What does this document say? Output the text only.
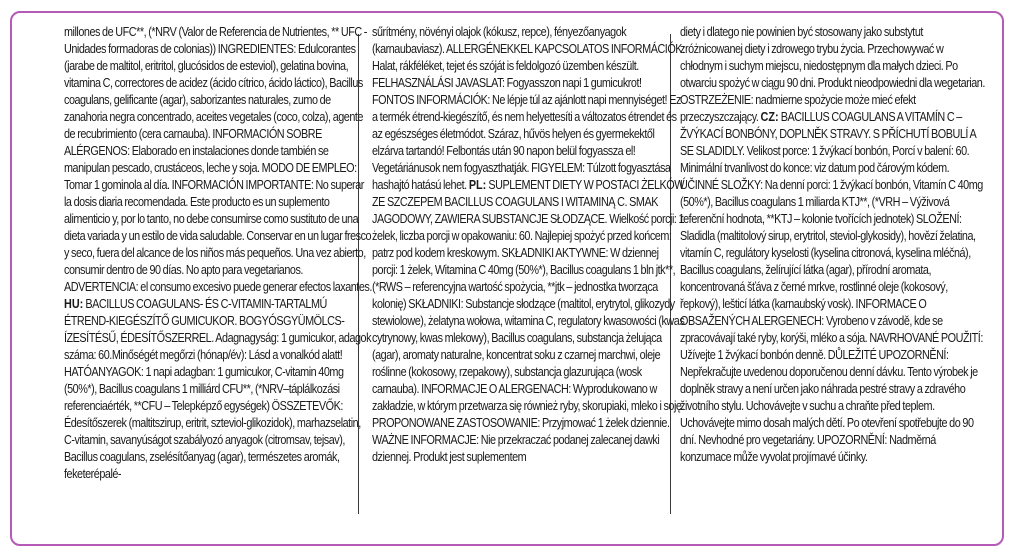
millones de UFC**, (*NRV (Valor de Referencia de Nutrientes, ** UFC -Unidades formadoras de colonias)) INGREDIENTES: Edulcorantes (jarabe de maltitol, eritritol, glucósidos de esteviol), gelatina bovina, vitamina C, correctores de acidez (ácido cítrico, ácido láctico), Bacillus coagulans, gelificante (agar), saborizantes naturales, zumo de zanahoria negra concentrado, aceites vegetales (coco, colza), agente de recubrimiento (cera carnauba). INFORMACIÓN SOBRE ALÉRGENOS: Elaborado en instalaciones donde también se manipulan pescado, crustáceos, leche y soja. MODO DE EMPLEO: Tomar 1 gominola al día. INFORMACIÓN IMPORTANTE: No superar la dosis diaria recomendada. Este producto es un suplemento alimenticio y, por lo tanto, no debe consumirse como sustituto de una dieta variada y un estilo de vida saludable. Conservar en un lugar fresco y seco, fuera del alcance de los niños más pequeños. Una vez abierto, consumir dentro de 90 días. No apto para vegetarianos. ADVERTENCIA: el consumo excesivo puede generar efectos laxantes. HU: BACILLUS COAGULANS- ÉS C-VITAMIN-TARTALMÚ ÉTREND-KIEGÉSZÍTŐ GUMICUKOR. BOGYÓSGYÜMÖLCS-ÍZESÍTÉSŰ, ÉDESÍTŐSZERREL. Adagnagyság: 1 gumicukor, adagok száma: 60.Minőségét megőrzi (hónap/év): Lásd a vonalkód alatt! HATÓANYAGOK: 1 napi adagban: 1 gumicukor, C-vitamin 40mg (50%*), Bacillus coagulans 1 milliárd CFU**, (*NRV–táplálkozási referenciaérték, **CFU – Telepképző egységek) ÖSSZETEVŐK: Édesítőszerek (maltitszirup, eritrit, szteviol-glikozidok), marhazselatin, C-vitamin, savanyúságot szabályozó anyagok (citromsav, tejsav), Bacillus coagulans, zselésítőanyag (agar), természetes aromák, feketerépalé-

sűrítmény, növényi olajok (kókusz, repce), fényezőanyagok (karnaubaviasz). ALLERGÉNEKKEL KAPCSOLATOS INFORMÁCIÓK: Halat, rákféléket, tejet és szóját is feldolgozó üzemben készült. FELHASZNÁLÁSI JAVASLAT: Fogyasszon napi 1 gumicukrot! FONTOS INFORMÁCIÓK: Ne lépje túl az ajánlott napi mennyiséget! Ez a termék étrend-kiegészítő, és nem helyettesíti a változatos étrendet és az egészséges életmódot. Száraz, hűvös helyen és gyermekektől elzárva tartandó! Felbontás után 90 napon belül fogyassza el! Vegetáriánusok nem fogyaszthatják. FIGYELEM: Túlzott fogyasztása hashajtó hatású lehet. PL: SUPLEMENT DIETY W POSTACI ŻELKÓW ZE SZCZEPEM BACILLUS COAGULANS I WITAMINĄ C. SMAK JAGODOWY, ZAWIERA SUBSTANCJE SŁODZĄCE. Wielkość porcji: 1 żelek, liczba porcji w opakowaniu: 60. Najlepiej spożyć przed końcem: patrz pod kodem kreskowym. SKŁADNIKI AKTYWNE: W dziennej porcji: 1 żelek, Witamina C 40mg (50%*), Bacillus coagulans 1 bln jtk**, (*RWS – referencyjna wartość spożycia, **jtk – jednostka tworząca kolonię) SKŁADNIKI: Substancje słodzące (maltitol, erytrytol, glikozydy stewiolowe), żelatyna wołowa, witamina C, regulatory kwasowości (kwas cytrynowy, kwas mlekowy), Bacillus coagulans, substancja żelująca (agar), aromaty naturalne, koncentrat soku z czarnej marchwi, oleje roślinne (kokosowy, rzepakowy), substancja glazurująca (wosk carnauba). INFORMACJE O ALERGENACH: Wyprodukowano w zakładzie, w którym przetwarza się również ryby, skorupiaki, mleko i soję. PROPONOWANE ZASTOSOWANIE: Przyjmować 1 żelek dziennie. WAŻNE INFORMACJE: Nie przekraczać podanej zalecanej dawki dziennej. Produkt jest suplementem

diety i dlatego nie powinien być stosowany jako substytut zróżnicowanej diety i zdrowego trybu życia. Przechowywać w chłodnym i suchym miejscu, niedostępnym dla małych dzieci. Po otwarciu spożyć w ciągu 90 dni. Produkt nieodpowiedni dla wegetarian. OSTRZEŻENIE: nadmierne spożycie może mieć efekt przeczyszczający. CZ: BACILLUS COAGULANS A VITAMÍN C – ŽVÝKACÍ BONBÓNY, DOPLNĚK STRAVY. S PŘÍCHUTÍ BOBULÍ A SE SLADIDLY. Velikost porce: 1 žvýkací bonbón, Porcí v balení: 60. Minimální trvanlivost do konce: viz datum pod čárovým kódem. ÚČINNÉ SLOŽKY: Na denní porci: 1 žvýkací bonbón, Vitamín C 40mg (50%*), Bacillus coagulans 1 miliarda KTJ**, (*VRH – Výživová referenční hodnota, **KTJ – kolonie tvořících jednotek) SLOŽENÍ: Sladidla (maltitolový sirup, erytritol, steviol-glykosidy), hovězí želatina, vitamín C, regulátory kyselosti (kyselina citronová, kyselina mléčná), Bacillus coagulans, želírující látka (agar), přírodní aromata, koncentrovaná šťáva z černé mrkve, rostlinné oleje (kokosový, řepkový), lešticí látka (karnaubský vosk). INFORMACE O OBSAŽENÝCH ALERGENECH: Vyrobeno v závodě, kde se zpracovávají také ryby, korýši, mléko a sója. NAVRHOVANÉ POUŽITÍ: Užívejte 1 žvýkací bonbón denně. DŮLEŽITÉ UPOZORNĚNÍ: Nepřekračujte uvedenou doporučenou denní dávku. Tento výrobek je doplněk stravy a není určen jako náhrada pestré stravy a zdravého životního stylu. Uchovávejte v suchu a chraňte před teplem. Uchovávejte mimo dosah malých dětí. Po otevření spotřebujte do 90 dní. Nevhodné pro vegetariány. UPOZORNĚNÍ: Nadměrná konzumace může vyvolat projímavé účinky.
